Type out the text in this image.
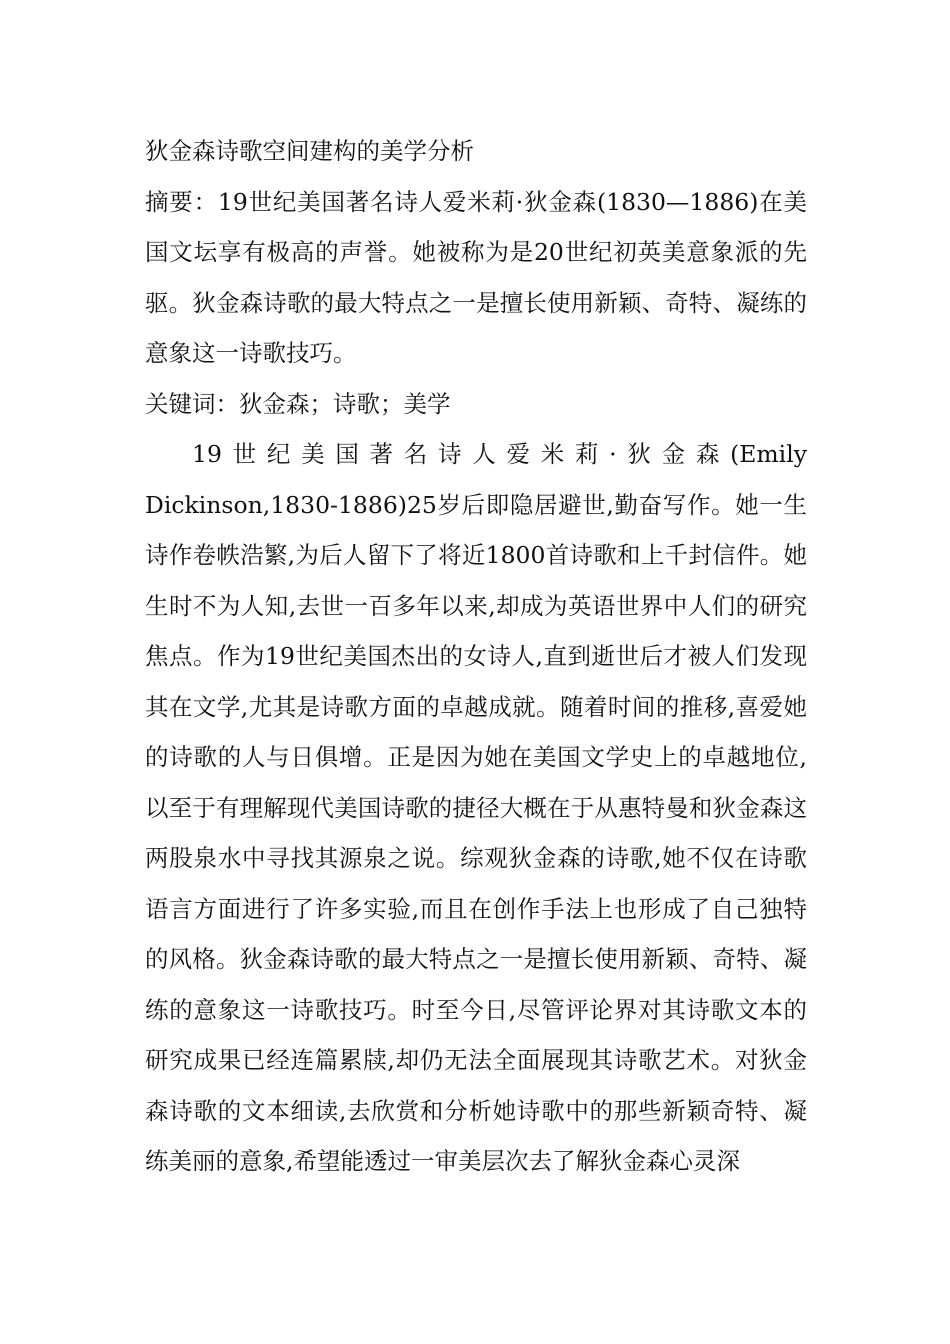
狄金森诗歌空间建构的美学分析

摘要：19世纪美国著名诗人爱米莉·狄金森(1830—1886)在美国文坛享有极高的声誉。她被称为是20世纪初英美意象派的先驱。狄金森诗歌的最大特点之一是擅长使用新颖、奇特、凝练的意象这一诗歌技巧。

关键词：狄金森；诗歌；美学

19世纪美国著名诗人爱米莉·狄金森(Emily Dickinson,1830-1886)25岁后即隐居避世,勤奋写作。她一生诗作卷帙浩繁,为后人留下了将近1800首诗歌和上千封信件。她生时不为人知,去世一百多年以来,却成为英语世界中人们的研究焦点。作为19世纪美国杰出的女诗人,直到逝世后才被人们发现其在文学,尤其是诗歌方面的卓越成就。随着时间的推移,喜爱她的诗歌的人与日俱增。正是因为她在美国文学史上的卓越地位,以至于有理解现代美国诗歌的捷径大概在于从惠特曼和狄金森这两股泉水中寻找其源泉之说。综观狄金森的诗歌,她不仅在诗歌语言方面进行了许多实验,而且在创作手法上也形成了自己独特的风格。狄金森诗歌的最大特点之一是擅长使用新颖、奇特、凝练的意象这一诗歌技巧。时至今日,尽管评论界对其诗歌文本的研究成果已经连篇累牍,却仍无法全面展现其诗歌艺术。对狄金森诗歌的文本细读,去欣赏和分析她诗歌中的那些新颖奇特、凝练美丽的意象,希望能透过一审美层次去了解狄金森心灵深
